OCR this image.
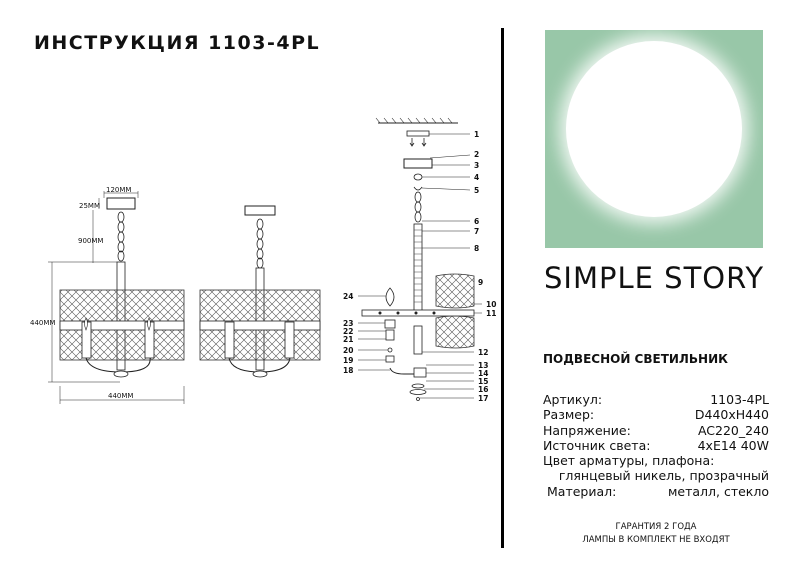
ИНСТРУКЦИЯ 1103-4PL
120MM
25MM
900MM
440MM
440MM
1
2
3
4
5
6
7
8
9
10
11
12
13
14
15
16
17
18
19
20
21
22
23
24
SIMPLE STORY
ПОДВЕСНОЙ СВЕТИЛЬНИК
Артикул:	1103-4PL
Размер:	D440xH440
Напряжение:	AC220_240
Источник света:	4xE14 40W
Цвет арматуры, плафона:
глянцевый никель, прозрачный
Материал:	металл, стекло
ГАРАНТИЯ 2 ГОДА
ЛАМПЫ В КОМПЛЕКТ НЕ ВХОДЯТ
